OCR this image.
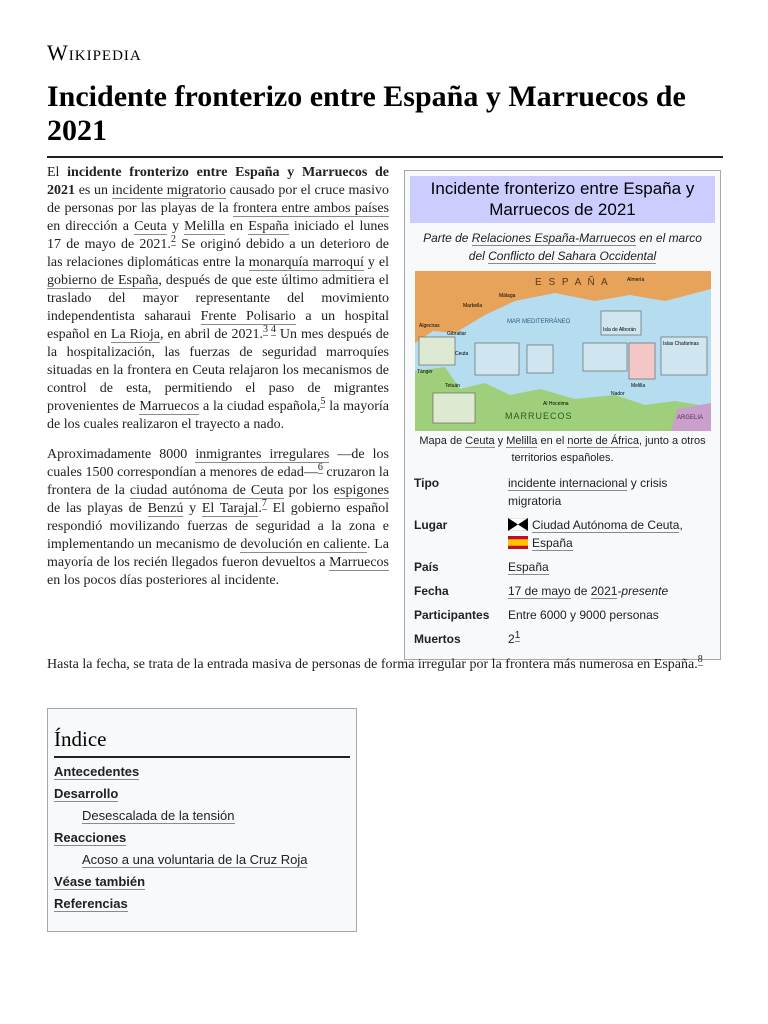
Wikipedia
Incidente fronterizo entre España y Marruecos de 2021

El incidente fronterizo entre España y Marruecos de 2021 es un incidente migratorio causado por el cruce masivo de personas por las playas de la frontera entre ambos países en dirección a Ceuta y Melilla en España iniciado el lunes 17 de mayo de 2021.$^2$ Se originó debido a un deterioro de las relaciones diplomáticas entre la monarquía marroquí y el gobierno de España, después de que este último admitiera el traslado del mayor representante del movimiento independentista saharaui Frente Polisario a un hospital español en La Rioja, en abril de 2021.$^{3 4}$ Un mes después de la hospitalización, las fuerzas de seguridad marroquíes situadas en la frontera en Ceuta relajaron los mecanismos de control de esta, permitiendo el paso de migrantes provenientes de Marruecos a la ciudad española,$^5$ la mayoría de los cuales realizaron el trayecto a nado.

Aproximadamente 8000 inmigrantes irregulares —de los cuales 1500 correspondían a menores de edad—$^6$ cruzaron la frontera de la ciudad autónoma de Ceuta por los espigones de las playas de Benzú y El Tarajal.$^7$ El gobierno español respondió movilizando fuerzas de seguridad a la zona e implementando un mecanismo de devolución en caliente. La mayoría de los recién llegados fueron devueltos a Marruecos en los pocos días posteriores al incidente.

Incidente fronterizo entre España y Marruecos de 2021
Parte de Relaciones España-Marruecos en el marco del Conflicto del Sahara Occidental
E S P A Ñ A
MAR MEDITERRÁNEO
MARRUECOS	ARGELIA
Málaga
Almería
Marbella
Gibraltar
Algeciras
Ceuta
Tánger
Tetuán
Al Hoceima
Nador
Melilla
Isla de Alborán
Islas Chafarinas
Mapa de Ceuta y Melilla en el norte de África, junto a otros territorios españoles.
Tipo	incidente internacional y crisis migratoria
Lugar	Ciudad Autónoma de Ceuta,
España
País	España
Fecha	17 de mayo de 2021-presente
Participantes	Entre 6000 y 9000 personas
Muertos	$2^1$

Hasta la fecha, se trata de la entrada masiva de personas de forma irregular por la frontera más numerosa en España.$^8$

Índice
Antecedentes
Desarrollo
Desescalada de la tensión
Reacciones
Acoso a una voluntaria de la Cruz Roja
Véase también
Referencias
